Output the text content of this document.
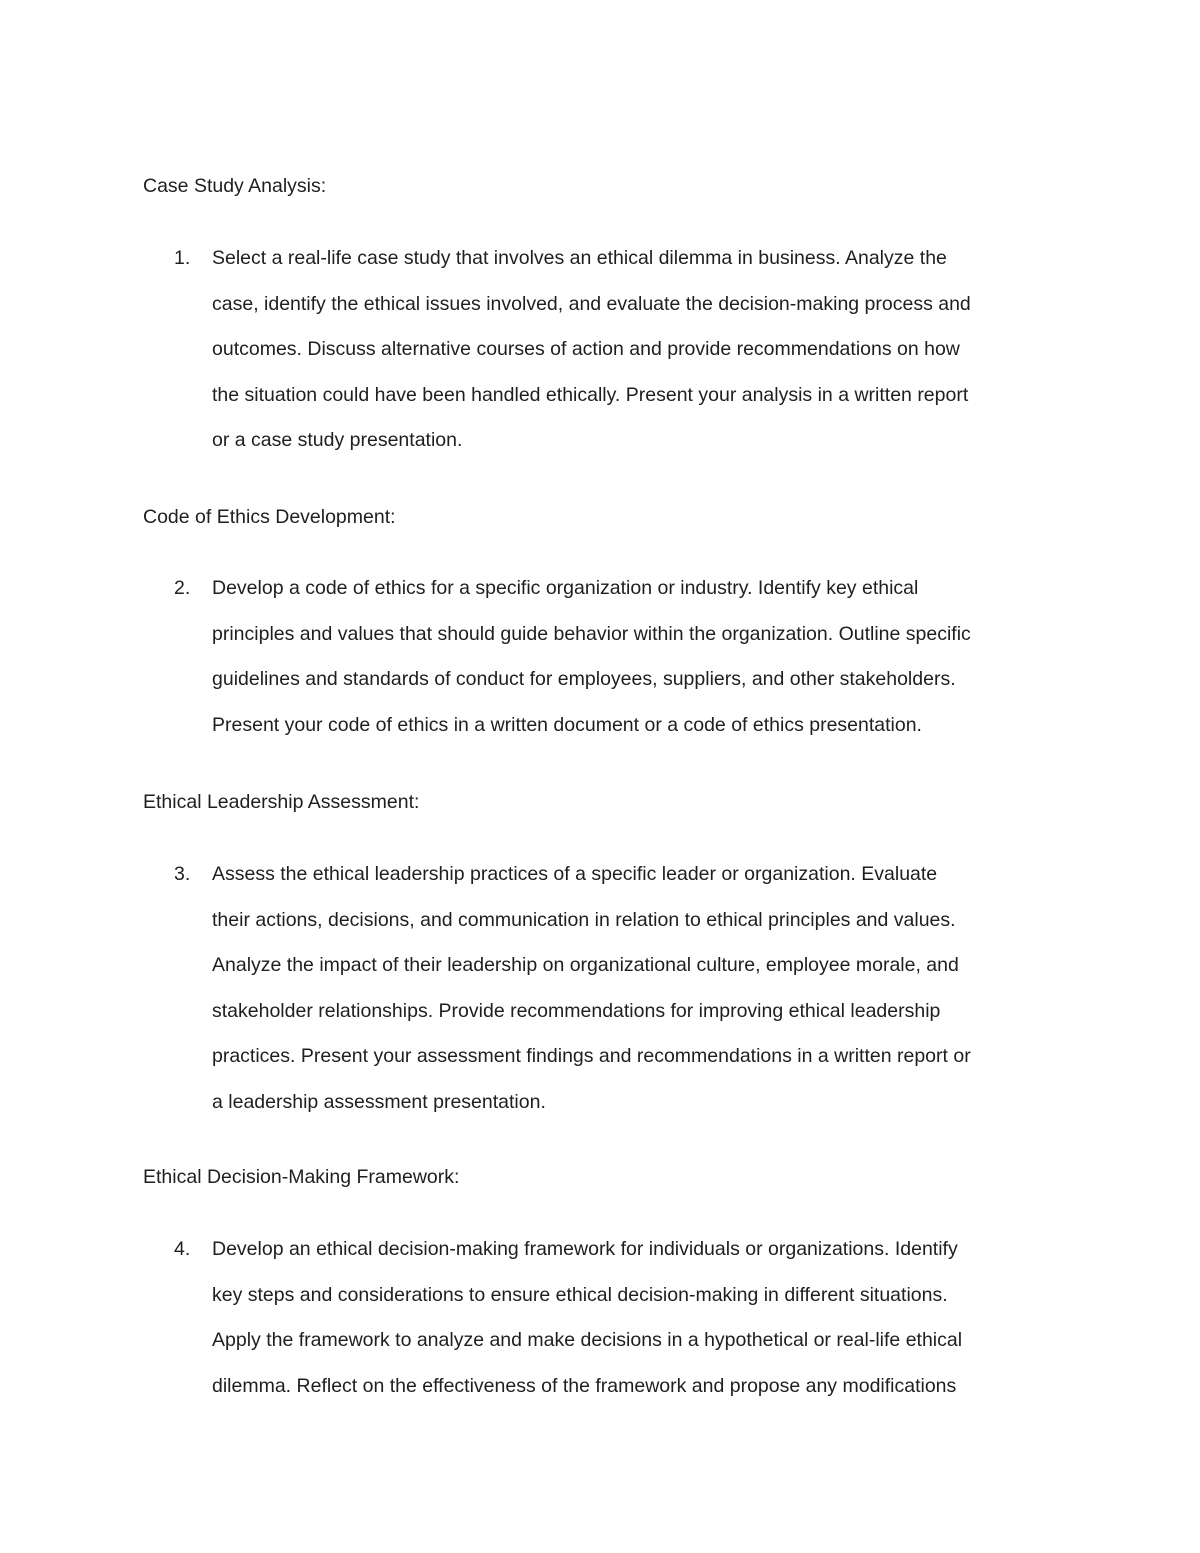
Case Study Analysis:
1.	Select a real-life case study that involves an ethical dilemma in business. Analyze the
case, identify the ethical issues involved, and evaluate the decision-making process and
outcomes. Discuss alternative courses of action and provide recommendations on how
the situation could have been handled ethically. Present your analysis in a written report
or a case study presentation.

Code of Ethics Development:
2.	Develop a code of ethics for a specific organization or industry. Identify key ethical
principles and values that should guide behavior within the organization. Outline specific
guidelines and standards of conduct for employees, suppliers, and other stakeholders.
Present your code of ethics in a written document or a code of ethics presentation.

Ethical Leadership Assessment:
3.	Assess the ethical leadership practices of a specific leader or organization. Evaluate
their actions, decisions, and communication in relation to ethical principles and values.
Analyze the impact of their leadership on organizational culture, employee morale, and
stakeholder relationships. Provide recommendations for improving ethical leadership
practices. Present your assessment findings and recommendations in a written report or
a leadership assessment presentation.

Ethical Decision-Making Framework:
4.	Develop an ethical decision-making framework for individuals or organizations. Identify
key steps and considerations to ensure ethical decision-making in different situations.
Apply the framework to analyze and make decisions in a hypothetical or real-life ethical
dilemma. Reflect on the effectiveness of the framework and propose any modifications
